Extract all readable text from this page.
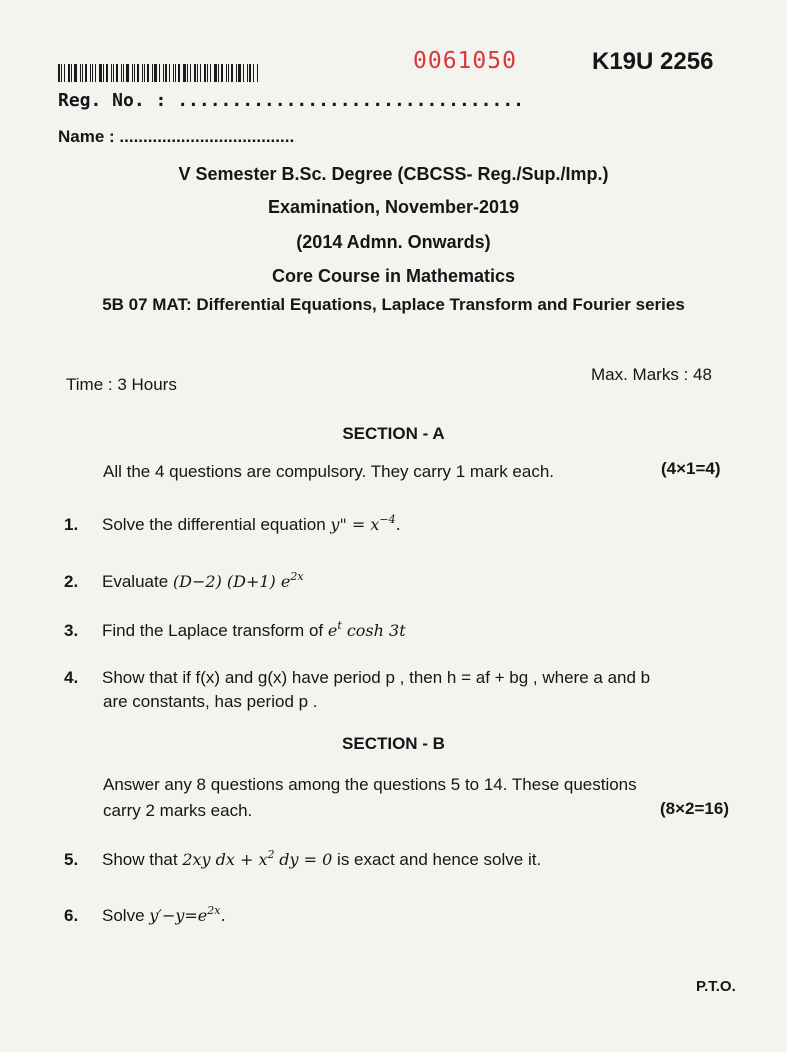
0061050	K19U 2256
Reg. No. : ................................
Name : .....................................
V Semester B.Sc. Degree (CBCSS- Reg./Sup./Imp.)
Examination, November-2019
(2014 Admn. Onwards)
Core Course in Mathematics
5B 07 MAT: Differential Equations, Laplace Transform and Fourier series
Time : 3 Hours
Max. Marks : 48
SECTION - A
All the 4 questions are compulsory. They carry 1 mark each.	(4×1=4)
1. Solve the differential equation y" = $x^{-4}$.
2. Evaluate (D−2) (D+1) $e^{2x}$
3. Find the Laplace transform of $e^t$ cosh 3t
4. Show that if f(x) and g(x) have period p , then h = af + bg , where a and b
are constants, has period p .
SECTION - B
Answer any 8 questions among the questions 5 to 14. These questions
carry 2 marks each.	(8×2=16)
5. Show that 2xy dx + $x^2$ dy = 0 is exact and hence solve it.
6. Solve $y'-y=e^{2x}$.
P.T.O.
